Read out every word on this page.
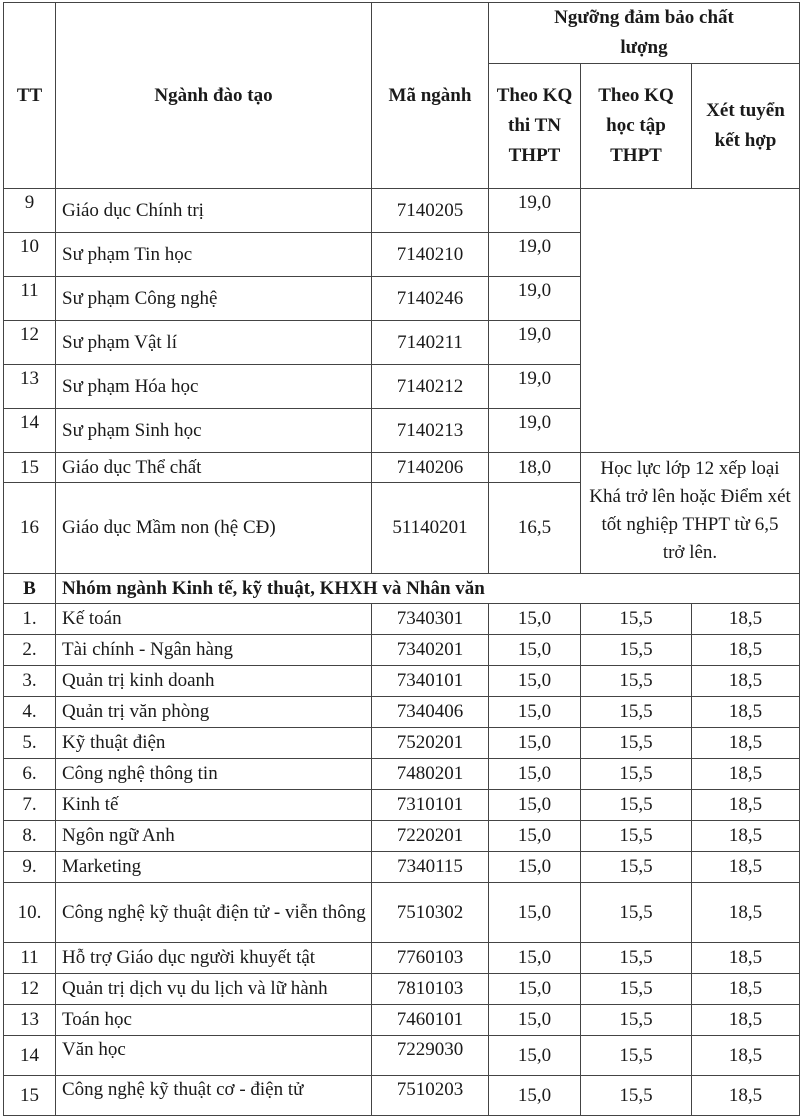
TT	Ngành đào tạo	Mã ngành	Ngưỡng đảm bảo chất lượng		
			Theo KQ thi TN THPT	Theo KQ học tập THPT	Xét tuyển kết hợp
9	Giáo dục Chính trị	7140205	19,0		
10	Sư phạm Tin học	7140210	19,0		
11	Sư phạm Công nghệ	7140246	19,0		
12	Sư phạm Vật lí	7140211	19,0		
13	Sư phạm Hóa học	7140212	19,0		
14	Sư phạm Sinh học	7140213	19,0		
15	Giáo dục Thể chất	7140206	18,0	Học lực lớp 12 xếp loại Khá trở lên hoặc Điểm xét tốt nghiệp THPT từ 6,5 trở lên.	
16	Giáo dục Mầm non (hệ CĐ)	51140201	16,5		
B	Nhóm ngành Kinh tế, kỹ thuật, KHXH và Nhân văn				
1.	Kế toán	7340301	15,0	15,5	18,5
2.	Tài chính - Ngân hàng	7340201	15,0	15,5	18,5
3.	Quản trị kinh doanh	7340101	15,0	15,5	18,5
4.	Quản trị văn phòng	7340406	15,0	15,5	18,5
5.	Kỹ thuật điện	7520201	15,0	15,5	18,5
6.	Công nghệ thông tin	7480201	15,0	15,5	18,5
7.	Kinh tế	7310101	15,0	15,5	18,5
8.	Ngôn ngữ Anh	7220201	15,0	15,5	18,5
9.	Marketing	7340115	15,0	15,5	18,5
10.	Công nghệ kỹ thuật điện tử - viễn thông	7510302	15,0	15,5	18,5
11	Hỗ trợ Giáo dục người khuyết tật	7760103	15,0	15,5	18,5
12	Quản trị dịch vụ du lịch và lữ hành	7810103	15,0	15,5	18,5
13	Toán học	7460101	15,0	15,5	18,5
14	Văn học	7229030	15,0	15,5	18,5
15	Công nghệ kỹ thuật cơ - điện tử	7510203	15,0	15,5	18,5
